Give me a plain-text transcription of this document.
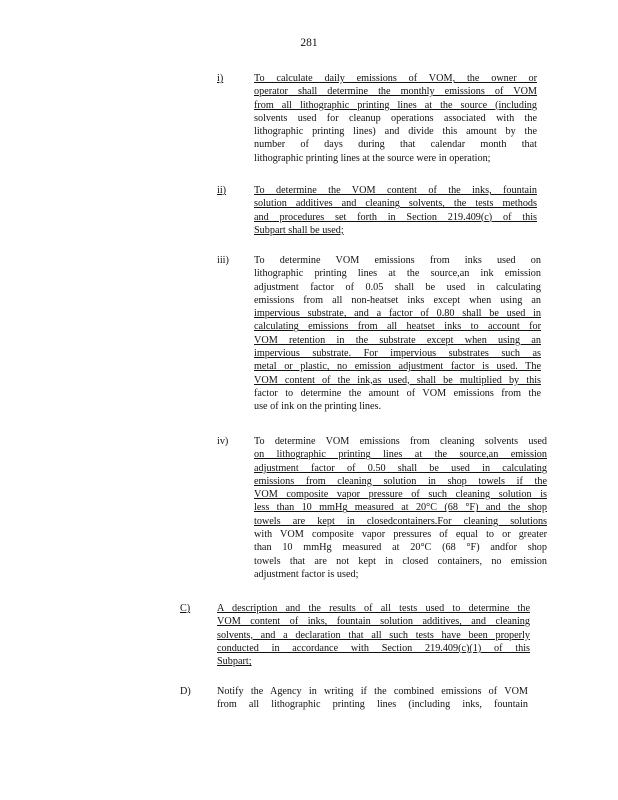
281
i)	To calculate daily emissions of VOM, the owner or
operator shall determine the monthly emissions of VOM
from all lithographic printing lines at the source (including
solvents used for cleanup operations associated with the
lithographic printing lines) and divide this amount by the
number of days during that calendar month that
lithographic printing lines at the source were in operation;
ii)	To determine the VOM content of the inks, fountain
solution additives and cleaning solvents, the tests methods
and procedures set forth in Section 219.409(c) of this
Subpart shall be used;
iii) To determine VOM emissions from inks used on
lithographic printing lines at the source,an ink emission
adjustment factor of 0.05 shall be used in calculating
emissions from all non-heatset inks except when using an
impervious substrate, and a factor of 0.80 shall be used in
calculating emissions from all heatset inks to account for
VOM retention in the substrate except when using an
impervious substrate. For impervious substrates such as
metal or plastic, no emission adjustment factor is used. The
VOM content of the ink,as used, shall be multiplied by this
factor to determine the amount of VOM emissions from the
use of ink on the printing lines.
iv)	To determine VOM emissions from cleaning solvents used
on lithographic printing lines at the source,an emission
adjustment factor of 0.50 shall be used in calculating
emissions from cleaning solution in shop towels if the
VOM composite vapor pressure of such cleaning solution is
less than 10 mmHg measured at 20°C (68 °F) and the shop
towels are kept in closedcontainers.For cleaning solutions
with VOM composite vapor pressures of equal to or greater
than 10 mmHg measured at 20°C (68 °F) andfor shop
towels that are not kept in closed containers, no emission
adjustment factor is used;
C)	A description and the results of all tests used to determine the
VOM content of inks, fountain solution additives, and cleaning
solvents, and a declaration that all such tests have been properly
conducted in accordance with Section 219.409(c)(1) of this
Subpart;
D)	Notify the Agency in writing if the combined emissions of VOM
from all lithographic printing lines (including inks, fountain
